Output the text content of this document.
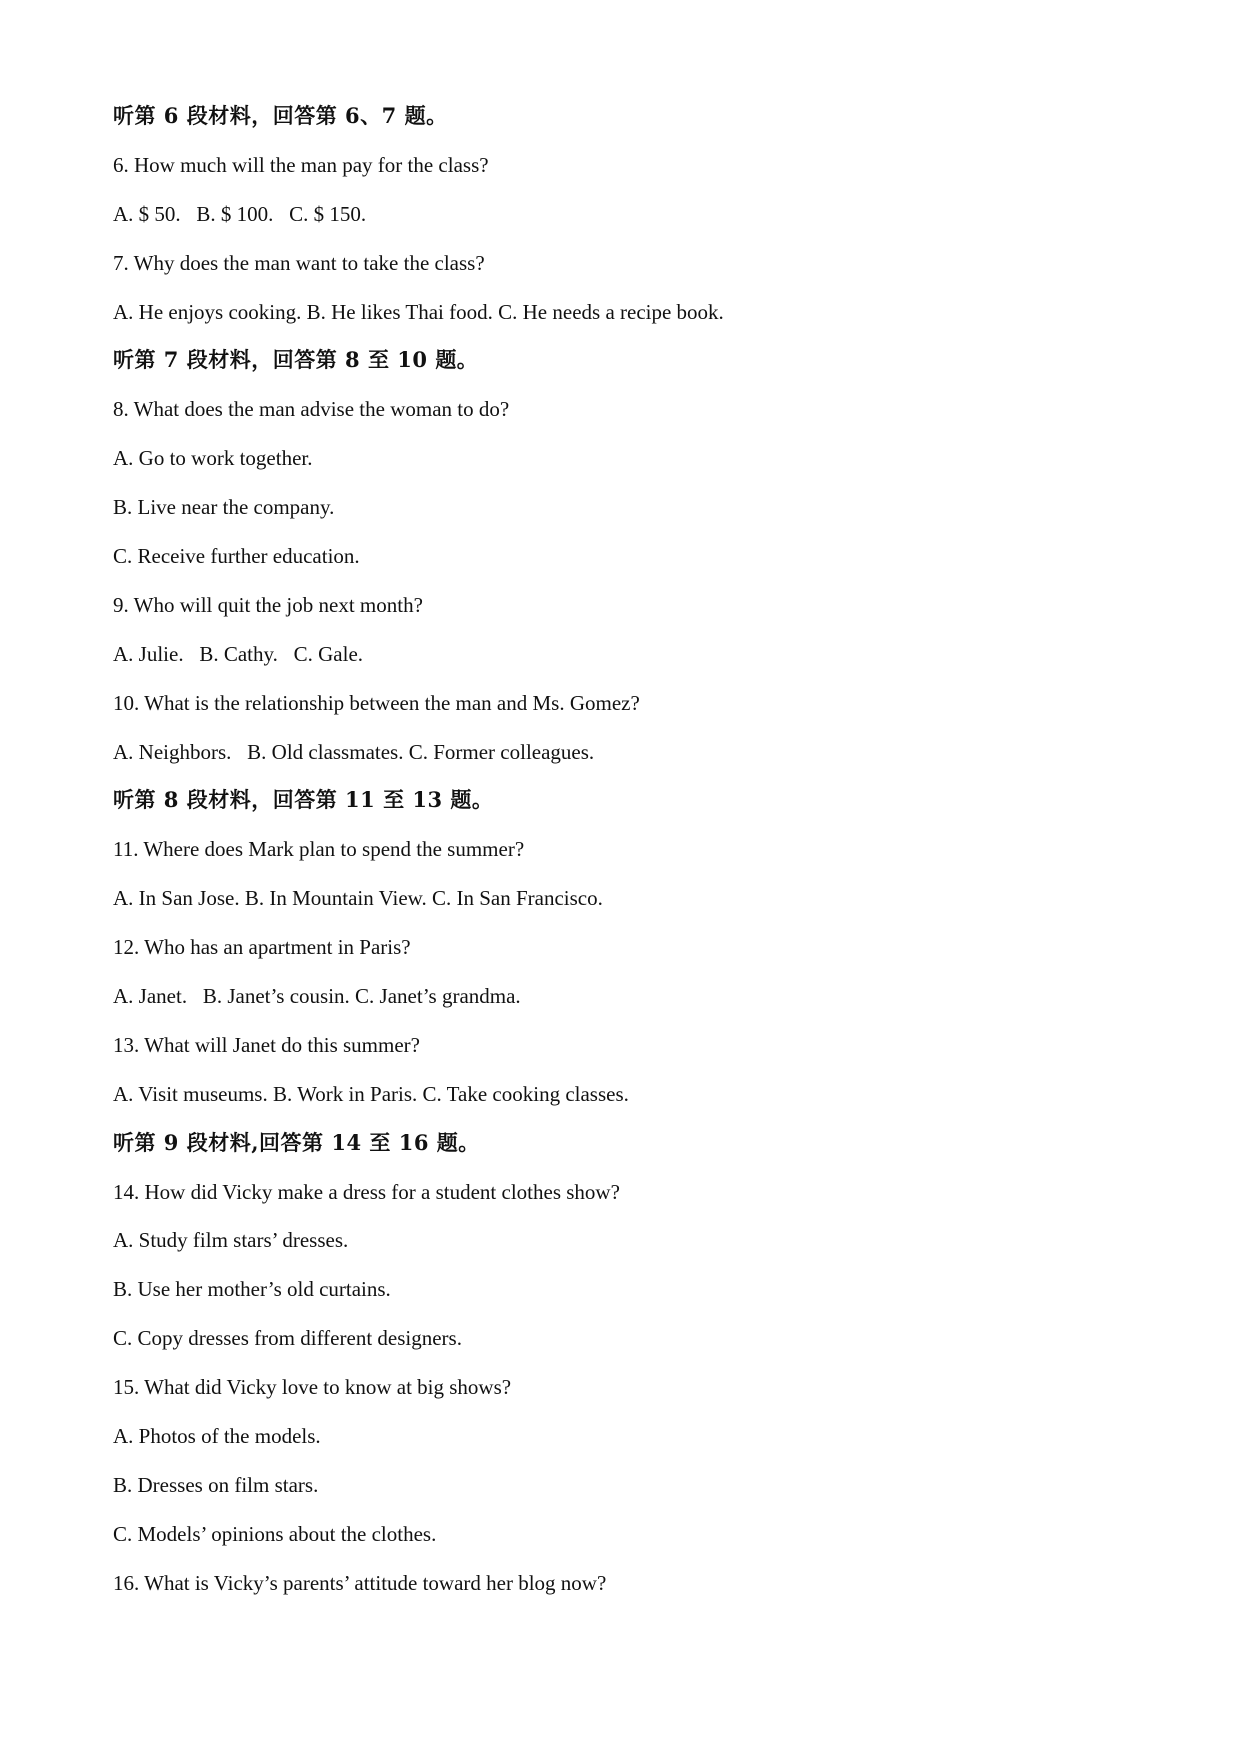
听第 6 段材料，回答第 6、7 题。
6. How much will the man pay for the class?
A. $ 50.   B. $ 100.   C. $ 150.
7. Why does the man want to take the class?
A. He enjoys cooking. B. He likes Thai food. C. He needs a recipe book.
听第 7 段材料，回答第 8 至 10 题。
8. What does the man advise the woman to do?
A. Go to work together.
B. Live near the company.
C. Receive further education.
9. Who will quit the job next month?
A. Julie.   B. Cathy.   C. Gale.
10. What is the relationship between the man and Ms. Gomez?
A. Neighbors.   B. Old classmates. C. Former colleagues.
听第 8 段材料，回答第 11 至 13 题。
11. Where does Mark plan to spend the summer?
A. In San Jose. B. In Mountain View. C. In San Francisco.
12. Who has an apartment in Paris?
A. Janet.   B. Janet’s cousin. C. Janet’s grandma.
13. What will Janet do this summer?
A. Visit museums. B. Work in Paris. C. Take cooking classes.
听第 9 段材料,回答第 14 至 16 题。
14. How did Vicky make a dress for a student clothes show?
A. Study film stars’ dresses.
B. Use her mother’s old curtains.
C. Copy dresses from different designers.
15. What did Vicky love to know at big shows?
A. Photos of the models.
B. Dresses on film stars.
C. Models’ opinions about the clothes.
16. What is Vicky’s parents’ attitude toward her blog now?
